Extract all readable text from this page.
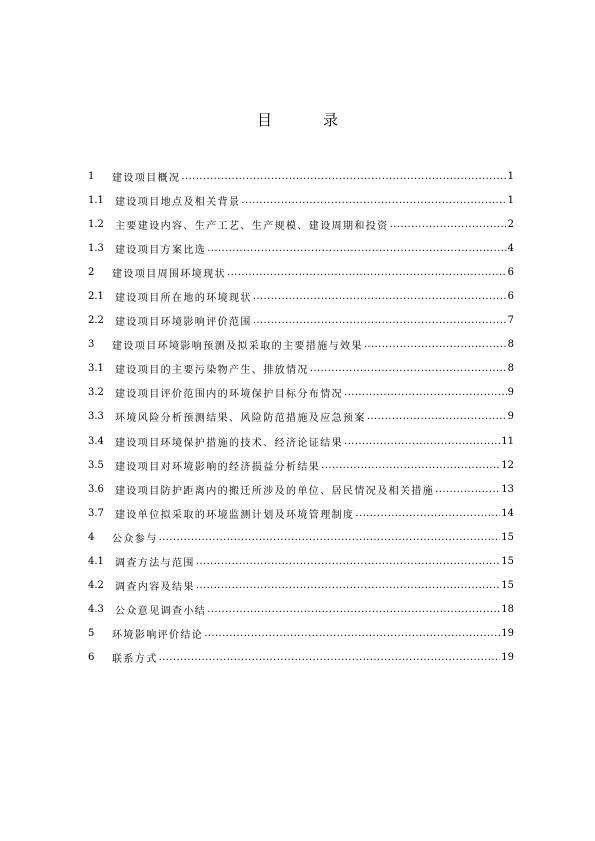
目　录
1	建设项目概况 .....	1
1.1	建设项目地点及相关背景 .....	1
1.2	主要建设内容、生产工艺、生产规模、建设周期和投资 .....	2
1.3	建设项目方案比选 .....	4
2	建设项目周围环境现状 .....	6
2.1	建设项目所在地的环境现状 .....	6
2.2	建设项目环境影响评价范围 .....	7
3	建设项目环境影响预测及拟采取的主要措施与效果 .....	8
3.1	建设项目的主要污染物产生、排放情况 .....	8
3.2	建设项目评价范围内的环境保护目标分布情况 .....	9
3.3	环境风险分析预测结果、风险防范措施及应急预案 .....	9
3.4	建设项目环境保护措施的技术、经济论证结果 .....	11
3.5	建设项目对环境影响的经济损益分析结果 .....	12
3.6	建设项目防护距离内的搬迁所涉及的单位、居民情况及相关措施 .....	13
3.7	建设单位拟采取的环境监测计划及环境管理制度 .....	14
4	公众参与 .....	15
4.1	调查方法与范围 .....	15
4.2	调查内容及结果 .....	15
4.3	公众意见调查小结 .....	18
5	环境影响评价结论 .....	19
6	联系方式 .....	19
